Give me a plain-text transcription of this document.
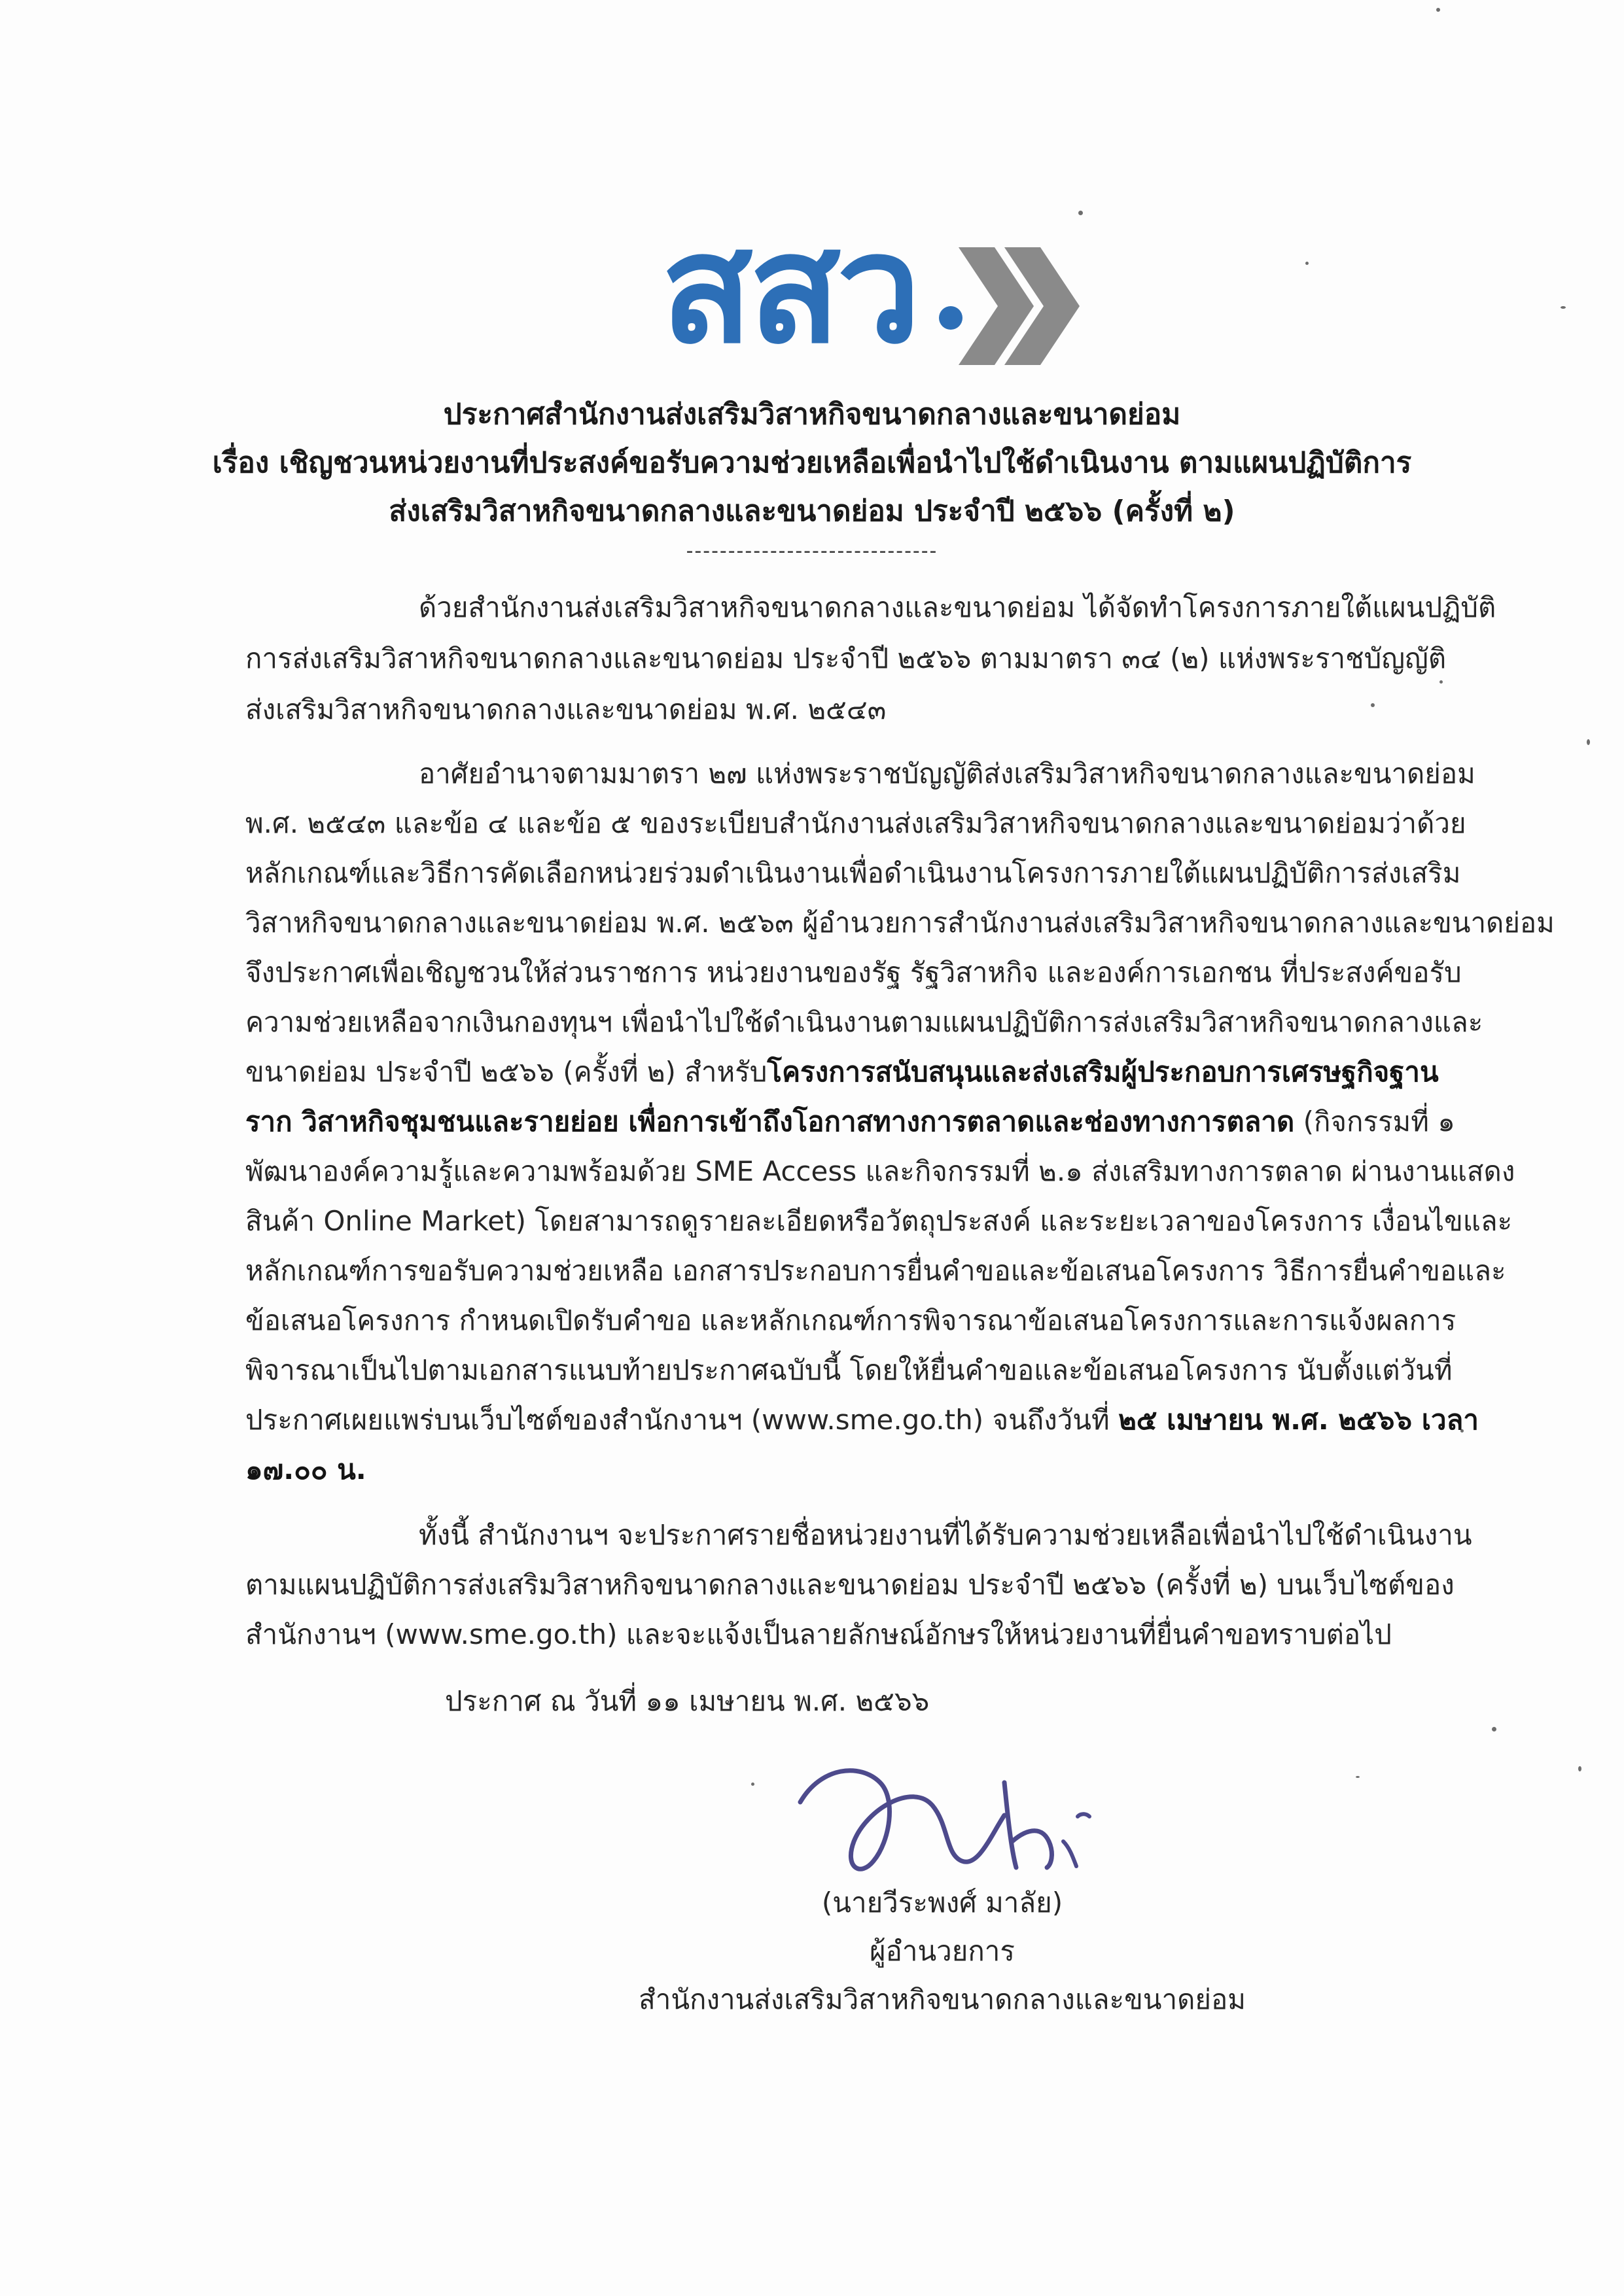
สสว
ประกาศสำนักงานส่งเสริมวิสาหกิจขนาดกลางและขนาดย่อม
เรื่อง เชิญชวนหน่วยงานที่ประสงค์ขอรับความช่วยเหลือเพื่อนำไปใช้ดำเนินงาน ตามแผนปฏิบัติการ
ส่งเสริมวิสาหกิจขนาดกลางและขนาดย่อม ประจำปี ๒๕๖๖ (ครั้งที่ ๒)
------------------------------
ด้วยสำนักงานส่งเสริมวิสาหกิจขนาดกลางและขนาดย่อม ได้จัดทำโครงการภายใต้แผนปฏิบัติ
การส่งเสริมวิสาหกิจขนาดกลางและขนาดย่อม ประจำปี ๒๕๖๖ ตามมาตรา ๓๔ (๒) แห่งพระราชบัญญัติ
ส่งเสริมวิสาหกิจขนาดกลางและขนาดย่อม พ.ศ. ๒๕๔๓
อาศัยอำนาจตามมาตรา ๒๗ แห่งพระราชบัญญัติส่งเสริมวิสาหกิจขนาดกลางและขนาดย่อม
พ.ศ. ๒๕๔๓ และข้อ ๔ และข้อ ๕ ของระเบียบสำนักงานส่งเสริมวิสาหกิจขนาดกลางและขนาดย่อมว่าด้วย
หลักเกณฑ์และวิธีการคัดเลือกหน่วยร่วมดำเนินงานเพื่อดำเนินงานโครงการภายใต้แผนปฏิบัติการส่งเสริม
วิสาหกิจขนาดกลางและขนาดย่อม พ.ศ. ๒๕๖๓ ผู้อำนวยการสำนักงานส่งเสริมวิสาหกิจขนาดกลางและขนาดย่อม
จึงประกาศเพื่อเชิญชวนให้ส่วนราชการ หน่วยงานของรัฐ รัฐวิสาหกิจ และองค์การเอกชน ที่ประสงค์ขอรับ
ความช่วยเหลือจากเงินกองทุนฯ เพื่อนำไปใช้ดำเนินงานตามแผนปฏิบัติการส่งเสริมวิสาหกิจขนาดกลางและ
ขนาดย่อม ประจำปี ๒๕๖๖ (ครั้งที่ ๒) สำหรับโครงการสนับสนุนและส่งเสริมผู้ประกอบการเศรษฐกิจฐาน
ราก วิสาหกิจชุมชนและรายย่อย เพื่อการเข้าถึงโอกาสทางการตลาดและช่องทางการตลาด (กิจกรรมที่ ๑
พัฒนาองค์ความรู้และความพร้อมด้วย SME Access และกิจกรรมที่ ๒.๑ ส่งเสริมทางการตลาด ผ่านงานแสดง
สินค้า Online Market) โดยสามารถดูรายละเอียดหรือวัตถุประสงค์ และระยะเวลาของโครงการ เงื่อนไขและ
หลักเกณฑ์การขอรับความช่วยเหลือ เอกสารประกอบการยื่นคำขอและข้อเสนอโครงการ วิธีการยื่นคำขอและ
ข้อเสนอโครงการ กำหนดเปิดรับคำขอ และหลักเกณฑ์การพิจารณาข้อเสนอโครงการและการแจ้งผลการ
พิจารณาเป็นไปตามเอกสารแนบท้ายประกาศฉบับนี้ โดยให้ยื่นคำขอและข้อเสนอโครงการ นับตั้งแต่วันที่
ประกาศเผยแพร่บนเว็บไซต์ของสำนักงานฯ (www.sme.go.th) จนถึงวันที่ ๒๕ เมษายน พ.ศ. ๒๕๖๖ เวลา
๑๗.๐๐ น.
ทั้งนี้ สำนักงานฯ จะประกาศรายชื่อหน่วยงานที่ได้รับความช่วยเหลือเพื่อนำไปใช้ดำเนินงาน
ตามแผนปฏิบัติการส่งเสริมวิสาหกิจขนาดกลางและขนาดย่อม ประจำปี ๒๕๖๖ (ครั้งที่ ๒) บนเว็บไซต์ของ
สำนักงานฯ (www.sme.go.th) และจะแจ้งเป็นลายลักษณ์อักษรให้หน่วยงานที่ยื่นคำขอทราบต่อไป
ประกาศ ณ วันที่ ๑๑ เมษายน พ.ศ. ๒๕๖๖
(นายวีระพงศ์ มาลัย)
ผู้อำนวยการ
สำนักงานส่งเสริมวิสาหกิจขนาดกลางและขนาดย่อม
